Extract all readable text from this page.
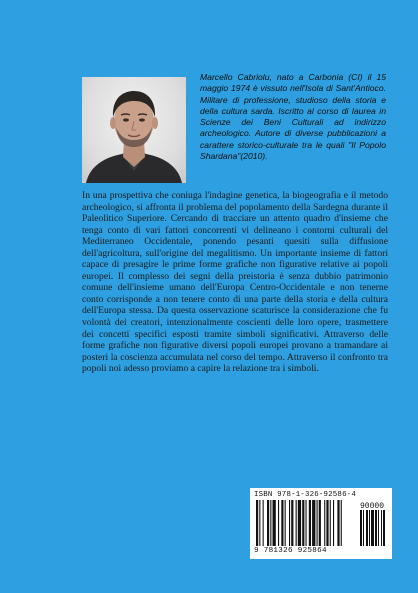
Marcello Cabriolu, nato a Carbonia (CI) il 15 maggio 1974 è vissuto nell'Isola di Sant'Antioco. Militare di professione, studioso della storia e della cultura sarda. Iscritto al corso di laurea in Scienze dei Beni Culturali ad indirizzo archeologico. Autore di diverse pubblicazioni a carattere storico-culturale tra le quali "Il Popolo Shardana"(2010).

In una prospettiva che coniuga l'indagine genetica, la biogeografia e il metodo archeologico, si affronta il problema del popolamento della Sardegna durante il Paleolitico Superiore. Cercando di tracciare un attento quadro d'insieme che tenga conto di vari fattori concorrenti vi delineano i contorni culturali del Mediterraneo Occidentale, ponendo pesanti quesiti sulla diffusione dell'agricoltura, sull'origine del megalitismo. Un importante insieme di fattori capace di presagire le prime forme grafiche non figurative relative ai popoli europei. Il complesso dei segni della preistoria è senza dubbio patrimonio comune dell'insieme umano dell'Europa Centro-Occidentale e non tenerne conto corrisponde a non tenere conto di una parte della storia e della cultura dell'Europa stessa. Da questa osservazione scaturisce la considerazione che fu volontà dei creatori, intenzionalmente coscienti delle loro opere, trasmettere dei concetti specifici esposti tramite simboli significativi. Attraverso delle forme grafiche non figurative diversi popoli europei provano a tramandare ai posteri la coscienza accumulata nel corso del tempo. Attraverso il confronto tra popoli noi adesso proviamo a capire la relazione tra i simboli.

ISBN 978-1-326-92586-4
90000
9 781326 925864
